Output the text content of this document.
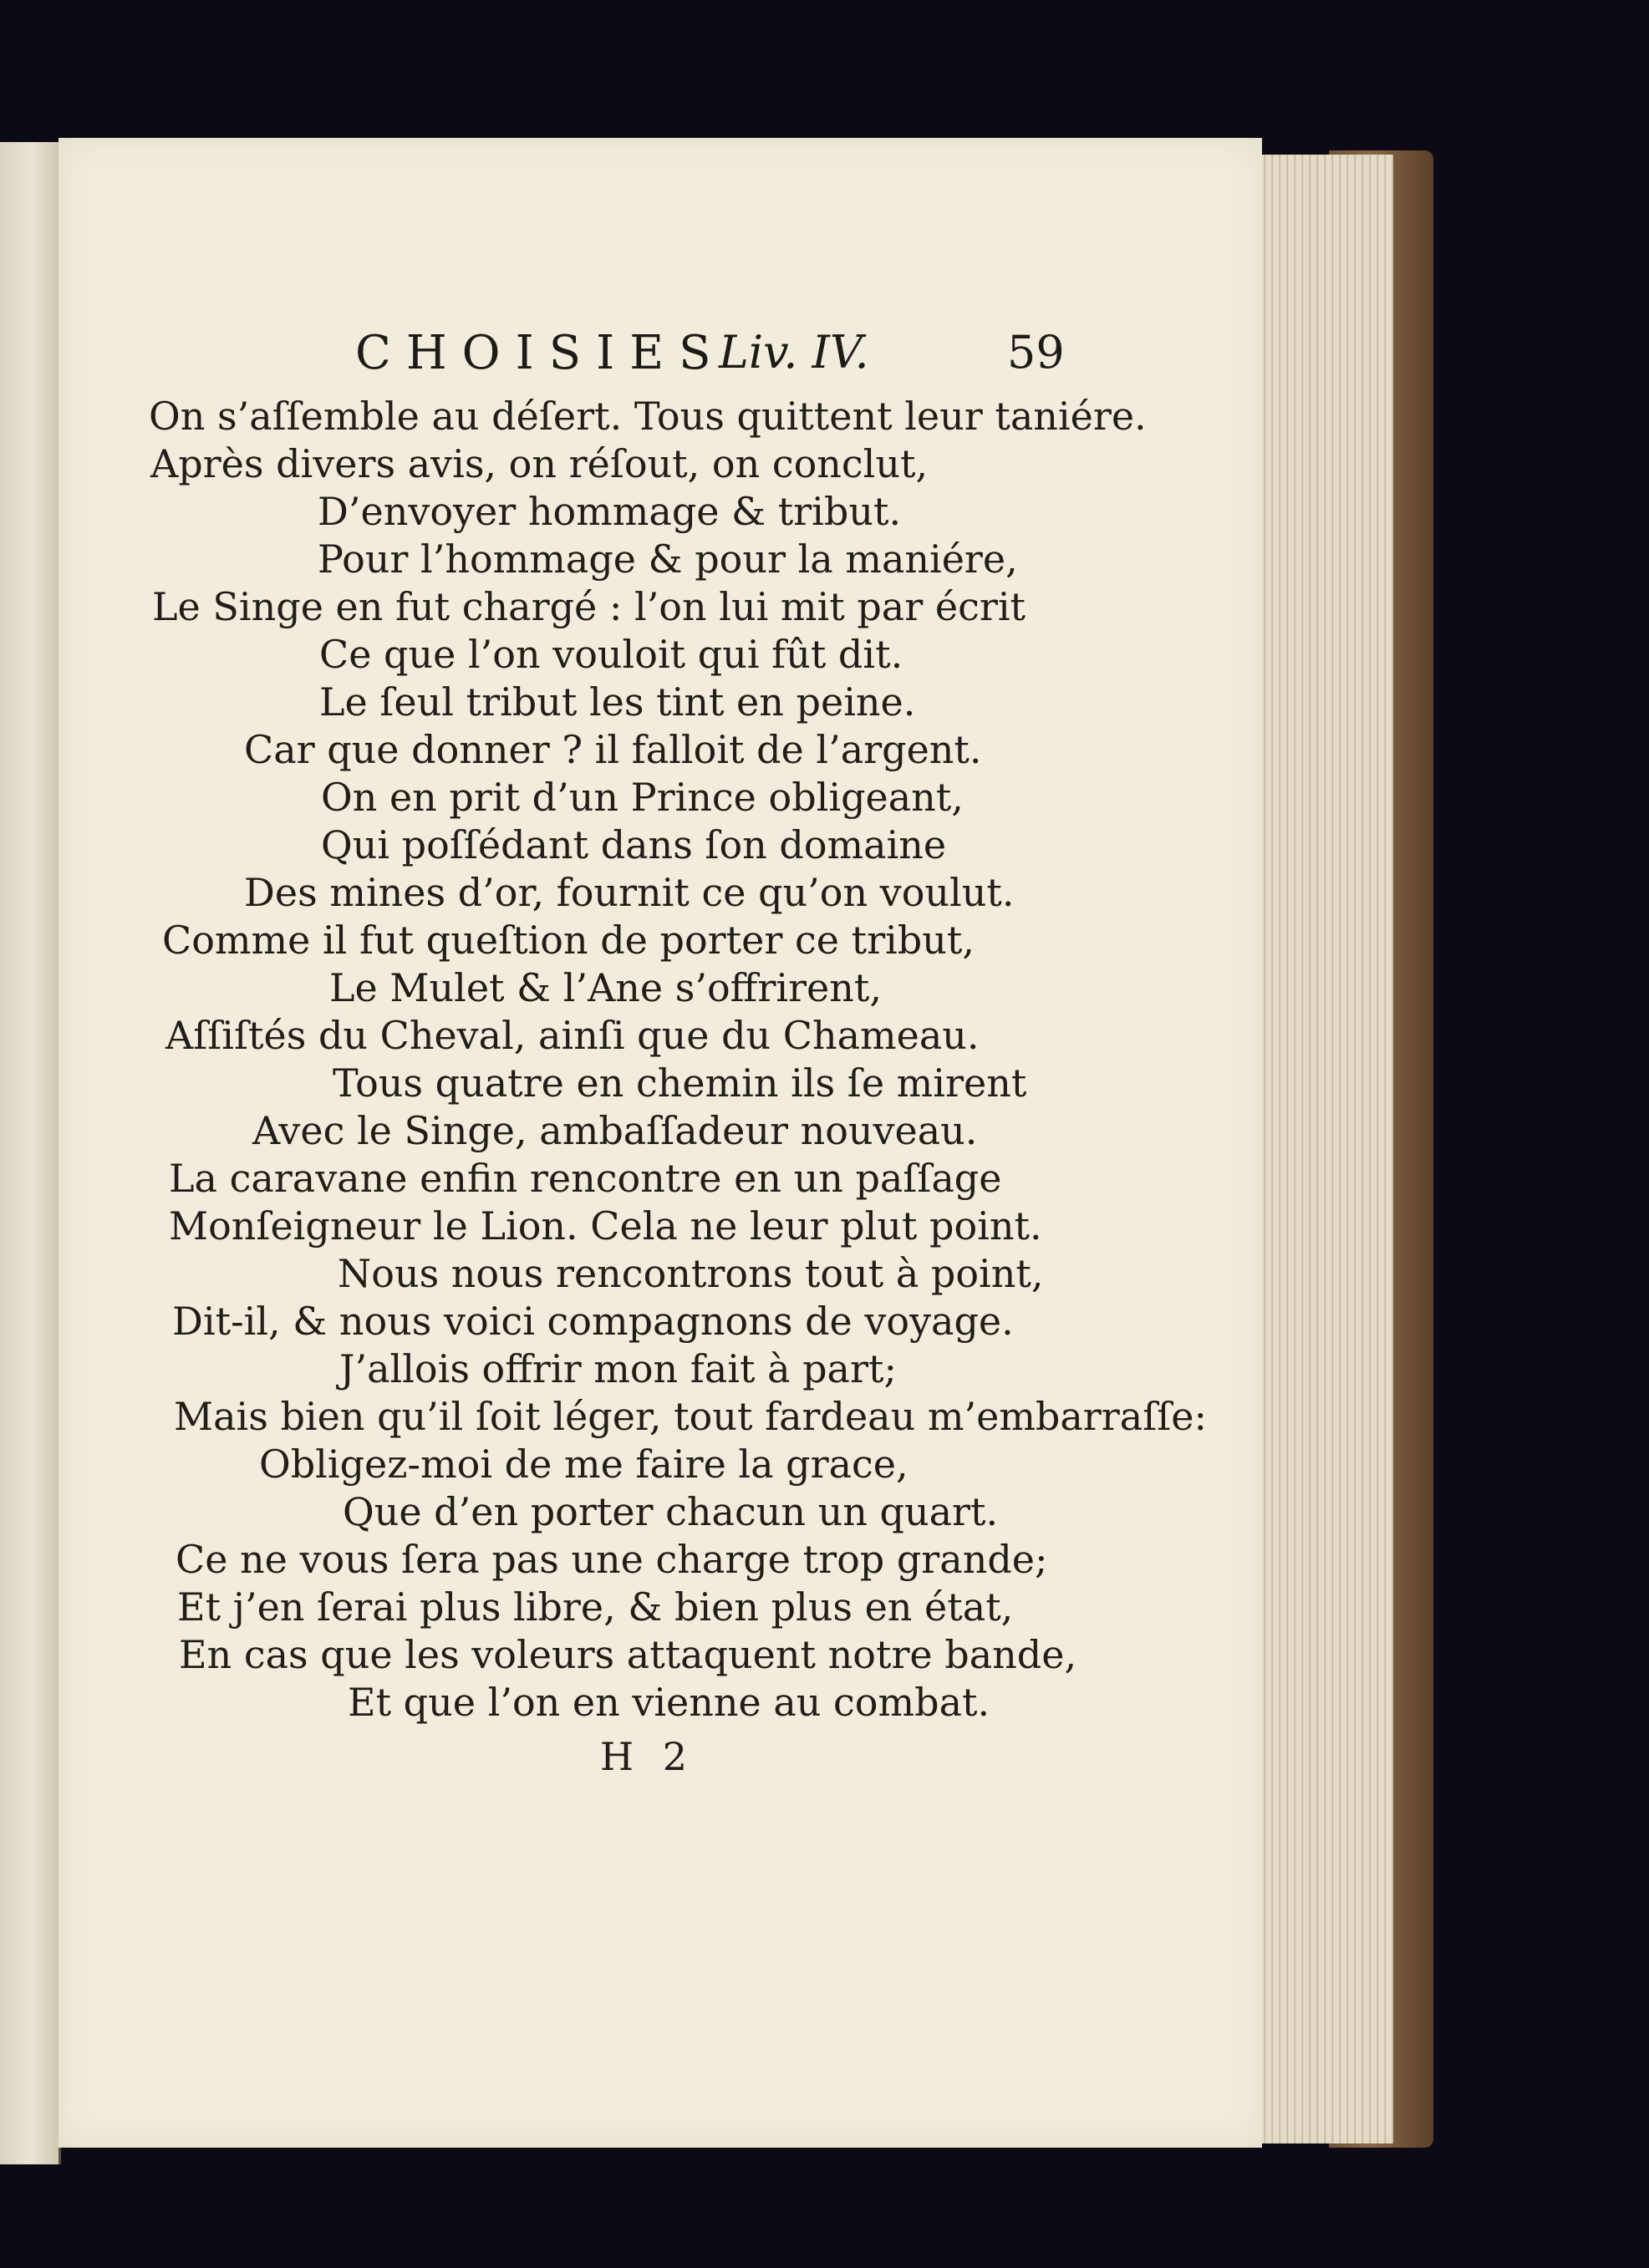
CHOISIES
Liv. IV.	59
On s’aſſemble au déſert. Tous quittent leur taniére.
Après divers avis, on réſout, on conclut,
D’envoyer hommage & tribut.
Pour l’hommage & pour la maniére,
Le Singe en fut chargé : l’on lui mit par écrit
Ce que l’on vouloit qui fût dit.
Le ſeul tribut les tint en peine.
Car que donner ? il falloit de l’argent.
On en prit d’un Prince obligeant,
Qui poſſédant dans ſon domaine
Des mines d’or, fournit ce qu’on voulut.
Comme il fut queſtion de porter ce tribut,
Le Mulet & l’Ane s’offrirent,
Aſſiſtés du Cheval, ainſi que du Chameau.
Tous quatre en chemin ils ſe mirent
Avec le Singe, ambaſſadeur nouveau.
La caravane enfin rencontre en un paſſage
Monſeigneur le Lion. Cela ne leur plut point.
Nous nous rencontrons tout à point,
Dit-il, & nous voici compagnons de voyage.
J’allois offrir mon fait à part;
Mais bien qu’il ſoit léger, tout fardeau m’embarraſſe:
Obligez-moi de me faire la grace,
Que d’en porter chacun un quart.
Ce ne vous ſera pas une charge trop grande;
Et j’en ſerai plus libre, & bien plus en état,
En cas que les voleurs attaquent notre bande,
Et que l’on en vienne au combat.
H 2
